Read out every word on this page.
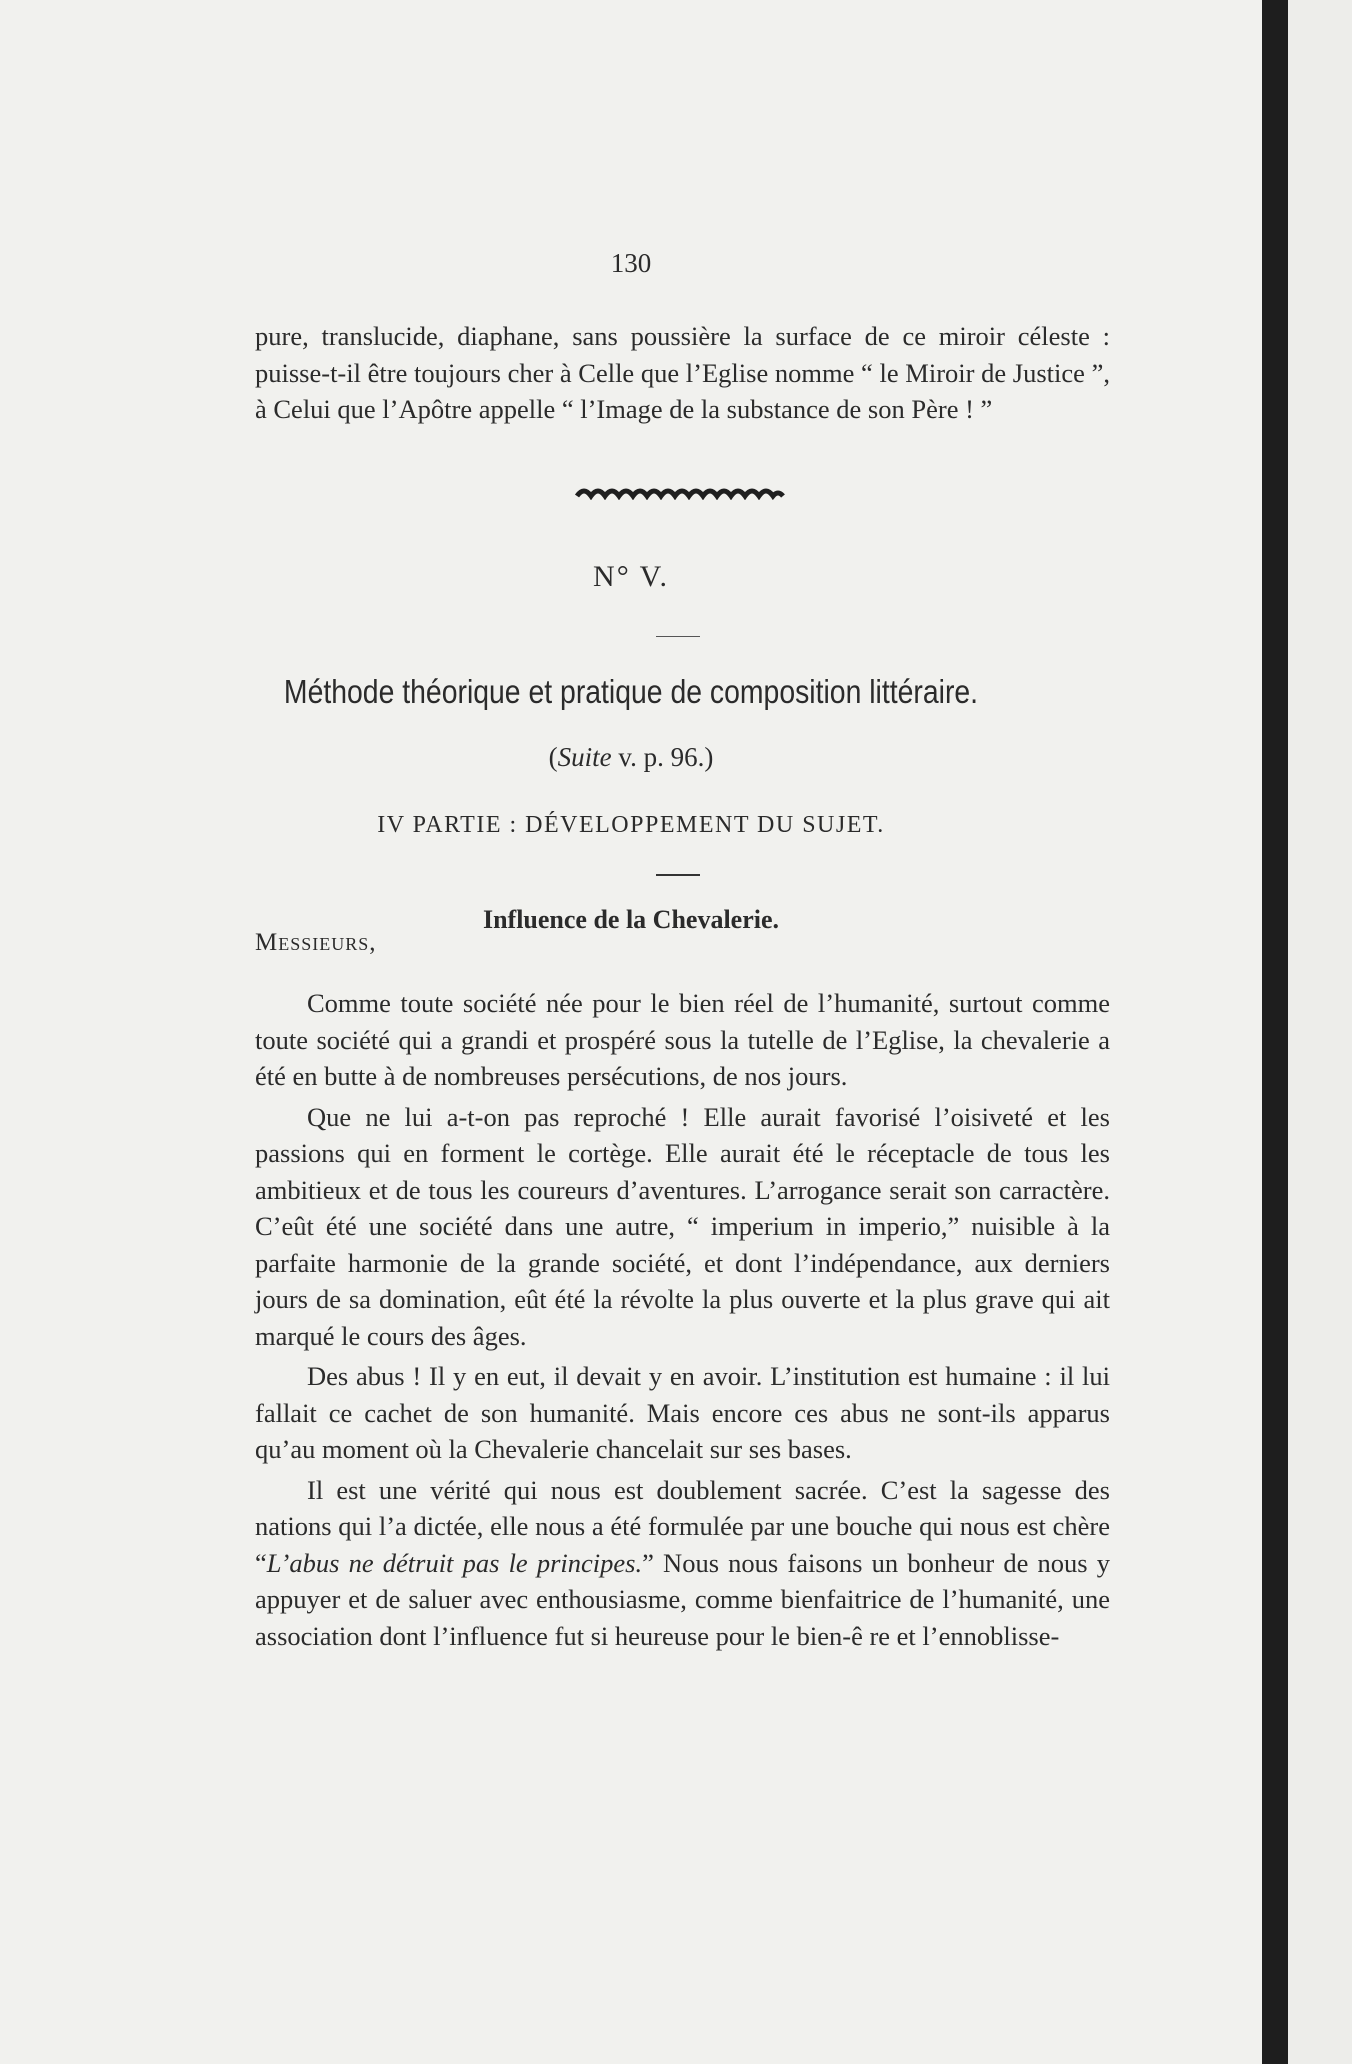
130

pure, translucide, diaphane, sans poussière la surface de ce miroir céleste : puisse-t-il être toujours cher à Celle que l’Eglise nomme “ le Miroir de Justice ”, à Celui que l’Apôtre appelle “ l’Image de la substance de son Père ! ”

N° V.
Méthode théorique et pratique de composition littéraire.
(Suite v. p. 96.)
IV PARTIE : DÉVELOPPEMENT DU SUJET.
Influence de la Chevalerie.
Messieurs,

Comme toute société née pour le bien réel de l’humanité, surtout comme toute société qui a grandi et prospéré sous la tutelle de l’Eglise, la chevalerie a été en butte à de nombreuses persécutions, de nos jours.

Que ne lui a-t-on pas reproché ! Elle aurait favorisé l’oisiveté et les passions qui en forment le cortège. Elle aurait été le réceptacle de tous les ambitieux et de tous les coureurs d’aventures. L’arrogance serait son carractère. C’eût été une société dans une autre, “ imperium in imperio,” nuisible à la parfaite harmonie de la grande société, et dont l’indépendance, aux derniers jours de sa domination, eût été la révolte la plus ouverte et la plus grave qui ait marqué le cours des âges.

Des abus ! Il y en eut, il devait y en avoir. L’institution est humaine : il lui fallait ce cachet de son humanité. Mais encore ces abus ne sont-ils apparus qu’au moment où la Chevalerie chancelait sur ses bases.

Il est une vérité qui nous est doublement sacrée. C’est la sagesse des nations qui l’a dictée, elle nous a été formulée par une bouche qui nous est chère “L’abus ne détruit pas le principes.” Nous nous faisons un bonheur de nous y appuyer et de saluer avec enthousiasme, comme bienfaitrice de l’humanité, une association dont l’influence fut si heureuse pour le bien-ê re et l’ennoblisse-
